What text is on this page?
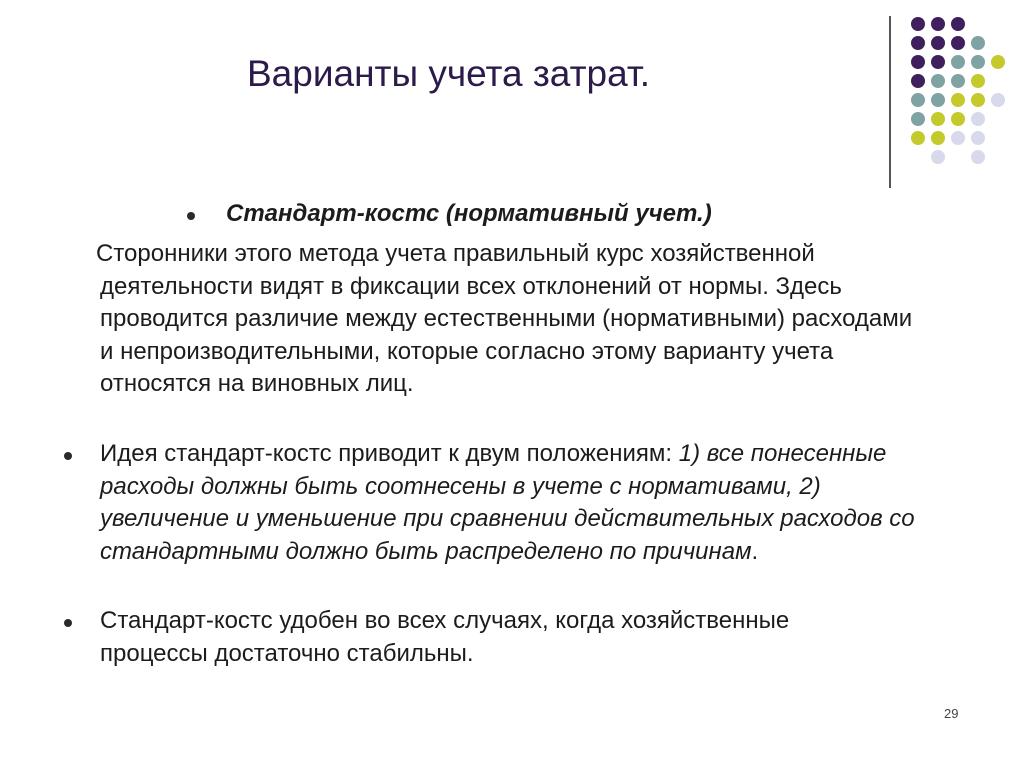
Варианты учета затрат.
Стандарт-костс (нормативный учет.)
Сторонники этого метода учета правильный курс хозяйственной деятельности видят в фиксации всех отклонений от нормы. Здесь проводится различие между естественными (нормативными) расходами и непроизводительными, которые согласно этому варианту учета относятся на виновных лиц.
Идея стандарт-костс приводит к двум положениям: 1) все понесенные расходы должны быть соотнесены в учете с нормативами, 2) увеличение и уменьшение при сравнении действительных расходов со стандартными должно быть распределено по причинам.
Стандарт-костс удобен во всех случаях, когда хозяйственные процессы достаточно стабильны.
29
